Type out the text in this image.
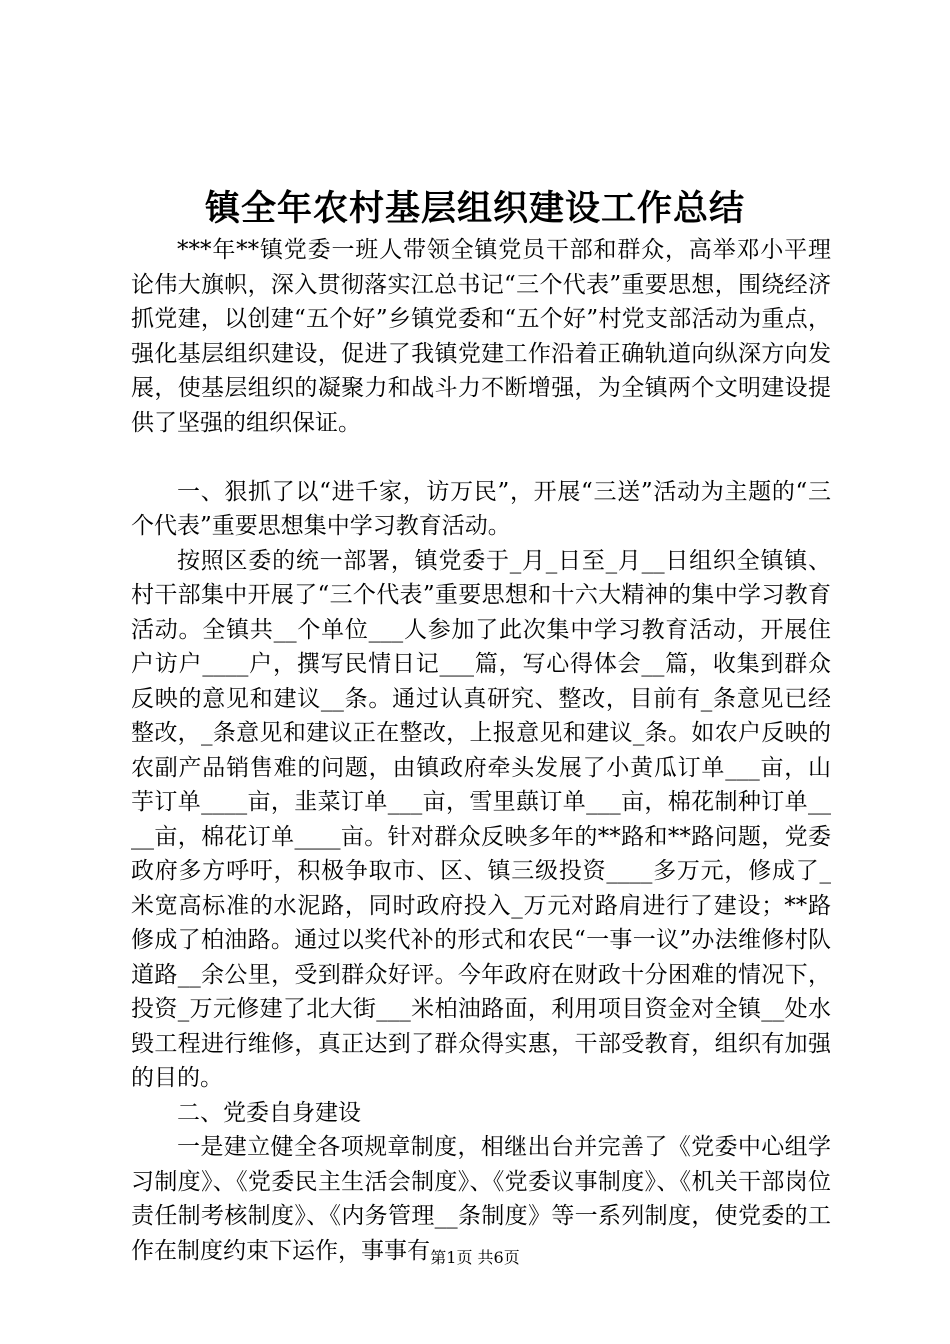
镇全年农村基层组织建设工作总结

***年**镇党委一班人带领全镇党员干部和群众，高举邓小平理论伟大旗帜，深入贯彻落实江总书记“三个代表”重要思想，围绕经济抓党建，以创建“五个好”乡镇党委和“五个好”村党支部活动为重点，强化基层组织建设，促进了我镇党建工作沿着正确轨道向纵深方向发展，使基层组织的凝聚力和战斗力不断增强，为全镇两个文明建设提供了坚强的组织保证。

一、狠抓了以“进千家，访万民”，开展“三送”活动为主题的“三个代表”重要思想集中学习教育活动。

按照区委的统一部署，镇党委于_月_日至_月__日组织全镇镇、村干部集中开展了“三个代表”重要思想和十六大精神的集中学习教育活动。全镇共__个单位___人参加了此次集中学习教育活动，开展住户访户____户，撰写民情日记___篇，写心得体会__篇，收集到群众反映的意见和建议__条。通过认真研究、整改，目前有_条意见已经整改，_条意见和建议正在整改，上报意见和建议_条。如农户反映的农副产品销售难的问题，由镇政府牵头发展了小黄瓜订单___亩，山芋订单____亩，韭菜订单___亩，雪里蕻订单___亩，棉花制种订单____亩，棉花订单____亩。针对群众反映多年的**路和**路问题，党委政府多方呼吁，积极争取市、区、镇三级投资____多万元，修成了_米宽高标准的水泥路，同时政府投入_万元对路肩进行了建设；**路修成了柏油路。通过以奖代补的形式和农民“一事一议”办法维修村队道路__余公里，受到群众好评。今年政府在财政十分困难的情况下，投资_万元修建了北大街___米柏油路面，利用项目资金对全镇__处水毁工程进行维修，真正达到了群众得实惠，干部受教育，组织有加强的目的。

二、党委自身建设

一是建立健全各项规章制度，相继出台并完善了《党委中心组学习制度》、《党委民主生活会制度》、《党委议事制度》、《机关干部岗位责任制考核制度》、《内务管理__条制度》等一系列制度，使党委的工作在制度约束下运作，事事有 第1页 共6页
